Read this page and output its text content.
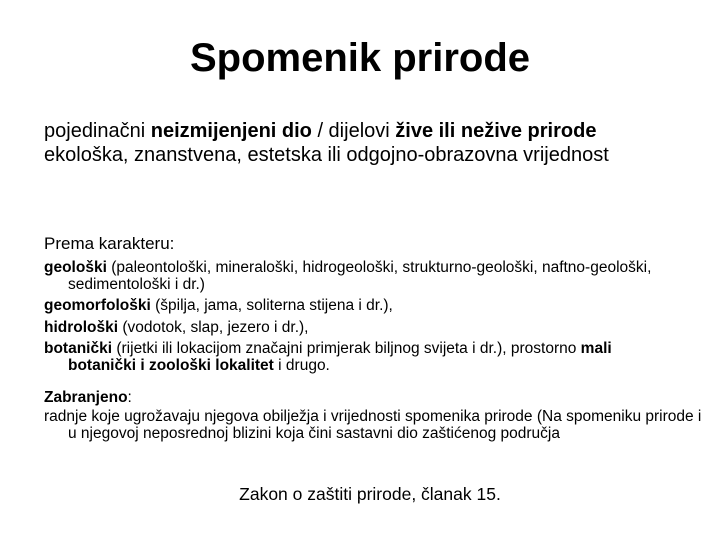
Spomenik prirode
pojedinačni neizmijenjeni dio / dijelovi žive ili nežive prirode
ekološka, znanstvena, estetska ili odgojno-obrazovna vrijednost
Prema karakteru:
geološki (paleontološki, mineraloški, hidrogeološki, strukturno-geološki, naftno-geološki, sedimentološki i dr.)
geomorfološki (špilja, jama, soliterna stijena i dr.),
hidrološki (vodotok, slap, jezero i dr.),
botanički (rijetki ili lokacijom značajni primjerak biljnog svijeta i dr.), prostorno mali botanički i zoološki lokalitet i drugo.
Zabranjeno:
radnje koje ugrožavaju njegova obilježja i vrijednosti spomenika prirode (Na spomeniku prirode i u njegovoj neposrednoj blizini koja čini sastavni dio zaštićenog područja
Zakon o zaštiti prirode, članak 15.
